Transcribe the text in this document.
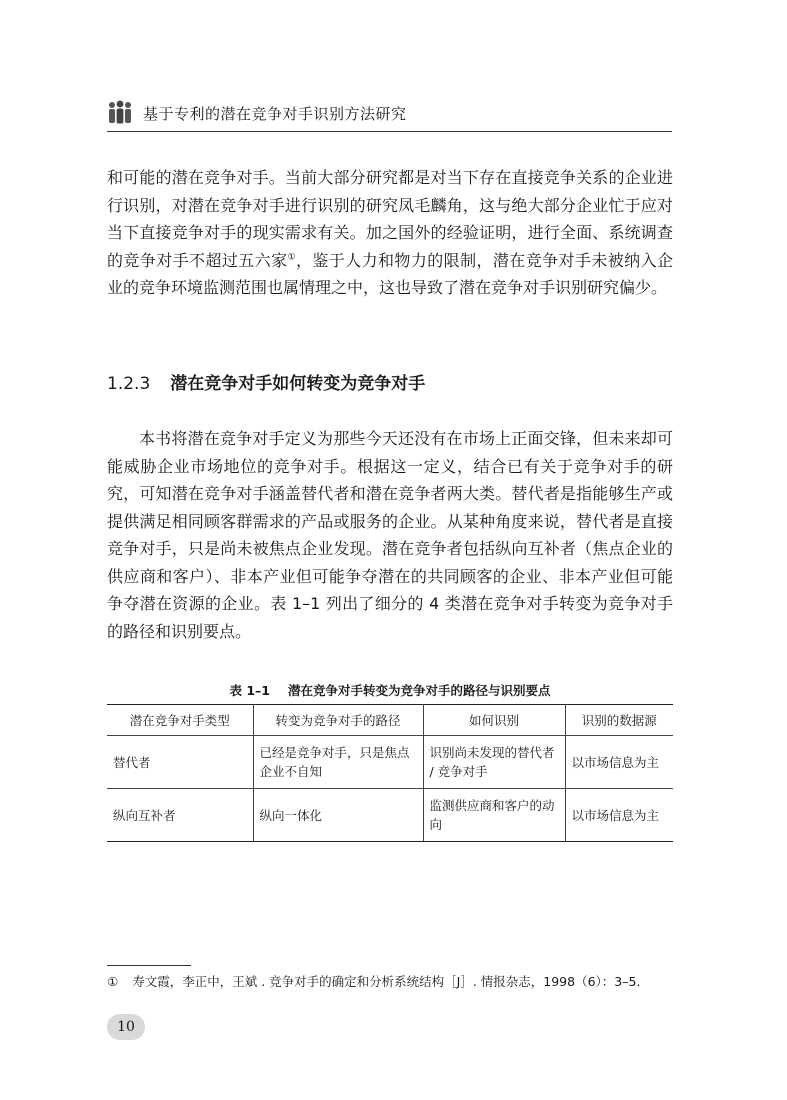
基于专利的潜在竞争对手识别方法研究

和可能的潜在竞争对手。当前大部分研究都是对当下存在直接竞争关系的企业进行识别，对潜在竞争对手进行识别的研究凤毛麟角，这与绝大部分企业忙于应对当下直接竞争对手的现实需求有关。加之国外的经验证明，进行全面、系统调查的竞争对手不超过五六家①，鉴于人力和物力的限制，潜在竞争对手未被纳入企业的竞争环境监测范围也属情理之中，这也导致了潜在竞争对手识别研究偏少。

1.2.3 潜在竞争对手如何转变为竞争对手

本书将潜在竞争对手定义为那些今天还没有在市场上正面交锋，但未来却可能威胁企业市场地位的竞争对手。根据这一定义，结合已有关于竞争对手的研究，可知潜在竞争对手涵盖替代者和潜在竞争者两大类。替代者是指能够生产或提供满足相同顾客群需求的产品或服务的企业。从某种角度来说，替代者是直接竞争对手，只是尚未被焦点企业发现。潜在竞争者包括纵向互补者（焦点企业的供应商和客户）、非本产业但可能争夺潜在的共同顾客的企业、非本产业但可能争夺潜在资源的企业。表 1–1 列出了细分的 4 类潜在竞争对手转变为竞争对手的路径和识别要点。

表 1–1 潜在竞争对手转变为竞争对手的路径与识别要点
潜在竞争对手类型	转变为竞争对手的路径	如何识别	识别的数据源
替代者	已经是竞争对手，只是焦点企业不自知	识别尚未发现的替代者 / 竞争对手	以市场信息为主
纵向互补者	纵向一体化	监测供应商和客户的动向	以市场信息为主
① 寿文霞，李正中，王斌 . 竞争对手的确定和分析系统结构［J］. 情报杂志，1998（6）：3–5.
10
